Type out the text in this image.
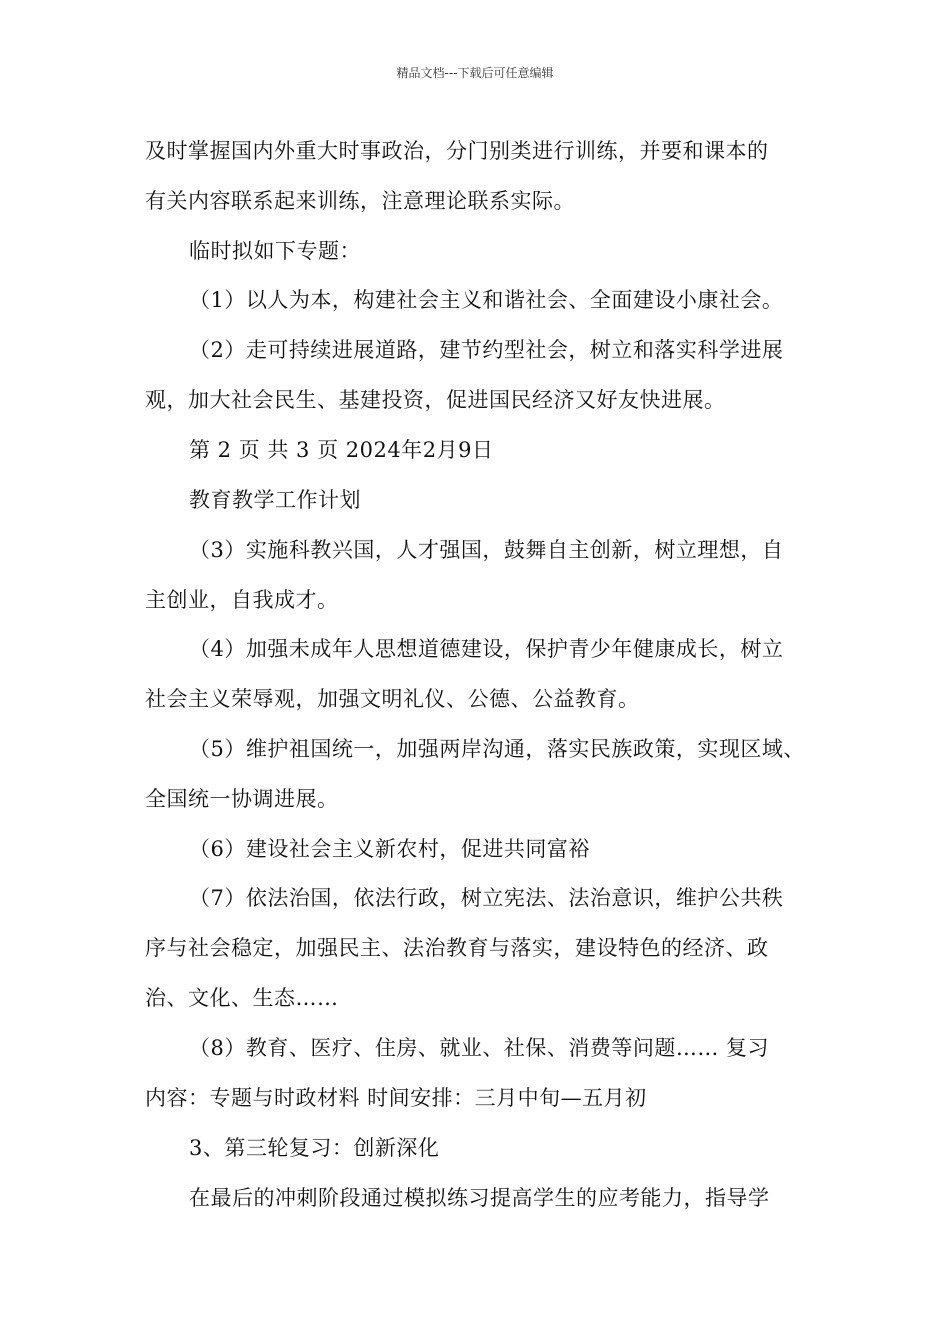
精品文档---下载后可任意编辑
及时掌握国内外重大时事政治，分门别类进行训练，并要和课本的
有关内容联系起来训练，注意理论联系实际。
临时拟如下专题：
（1）以人为本，构建社会主义和谐社会、全面建设小康社会。
（2）走可持续进展道路，建节约型社会，树立和落实科学进展
观，加大社会民生、基建投资，促进国民经济又好友快进展。
第 2 页 共 3 页 2024年2月9日
教育教学工作计划
（3）实施科教兴国，人才强国，鼓舞自主创新，树立理想，自
主创业，自我成才。
（4）加强未成年人思想道德建设，保护青少年健康成长，树立
社会主义荣辱观，加强文明礼仪、公德、公益教育。
（5）维护祖国统一，加强两岸沟通，落实民族政策，实现区域、
全国统一协调进展。
（6）建设社会主义新农村，促进共同富裕
（7）依法治国，依法行政，树立宪法、法治意识，维护公共秩
序与社会稳定，加强民主、法治教育与落实，建设特色的经济、政
治、文化、生态……
（8）教育、医疗、住房、就业、社保、消费等问题…… 复习
内容：专题与时政材料 时间安排：三月中旬—五月初
3、第三轮复习：创新深化
在最后的冲刺阶段通过模拟练习提高学生的应考能力，指导学
